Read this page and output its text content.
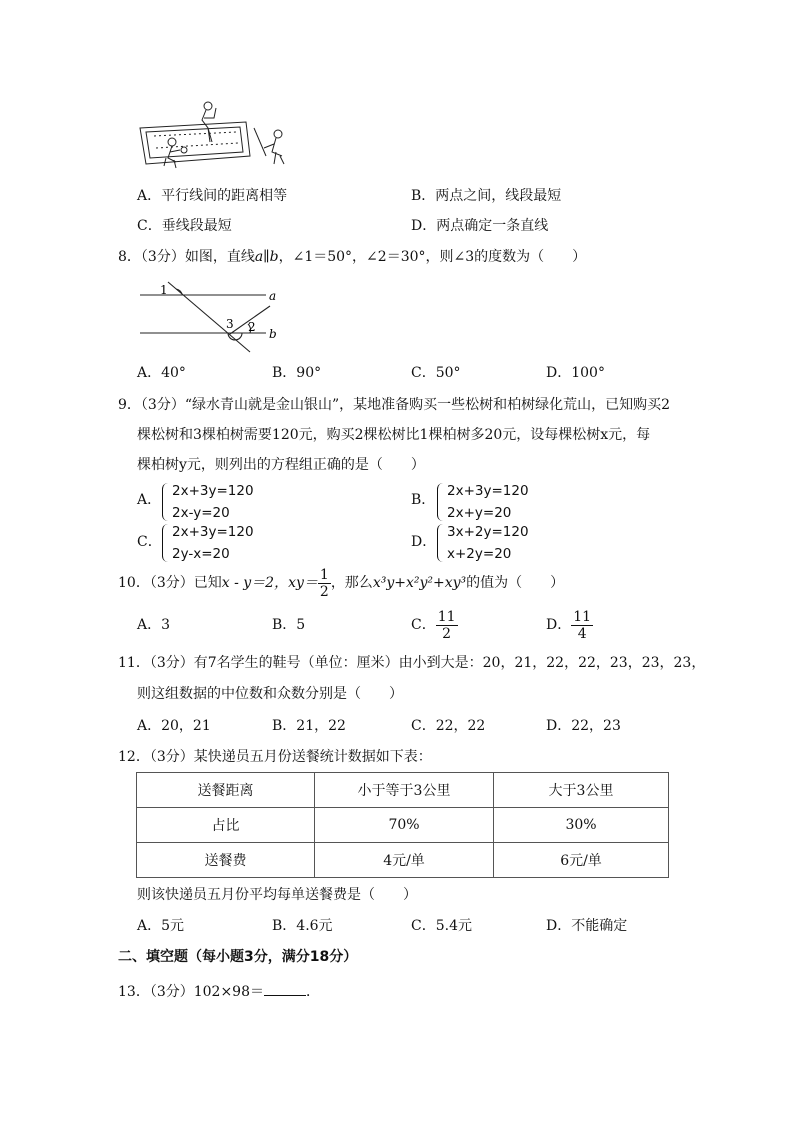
A．平行线间的距离相等	B．两点之间，线段最短
C．垂线段最短	D．两点确定一条直线
8．（3分）如图，直线a∥b，∠1＝50°，∠2＝30°，则∠3的度数为（　　）
1
3 2
a
b
A．40°	B．90°	C．50°	D．100°
9．（3分）“绿水青山就是金山银山”，某地准备购买一些松树和柏树绿化荒山，已知购买2
棵松树和3棵柏树需要120元，购买2棵松树比1棵柏树多20元，设每棵松树x元，每
棵柏树y元，则列出的方程组正确的是（　　）
A．
2x+3y=120
2x-y=20
B．
2x+3y=120
2x+y=20
C．
2x+3y=120
2y-x=20
D．
3x+2y=120
x+2y=20
10．（3分）已知x - y＝2，$xy= \frac{1}{2}$ ，那么x³y+x²y²+xy³的值为（　　）
A．3	B．5	C． $\frac{11}{2}$	D． $\frac{11}{4}$
11．（3分）有7名学生的鞋号（单位：厘米）由小到大是：20，21，22，22，23，23，23，
则这组数据的中位数和众数分别是（　　）
A．20，21	B．21，22	C．22，22	D．22，23
12．（3分）某快递员五月份送餐统计数据如下表：
送餐距离	小于等于3公里	大于3公里
占比	70%	30%
送餐费	4元/单	6元/单
则该快递员五月份平均每单送餐费是（　　）
A．5元	B．4.6元	C．5.4元	D．不能确定
二、填空题（每小题3分，满分18分）
13．（3分）102×98＝	．
